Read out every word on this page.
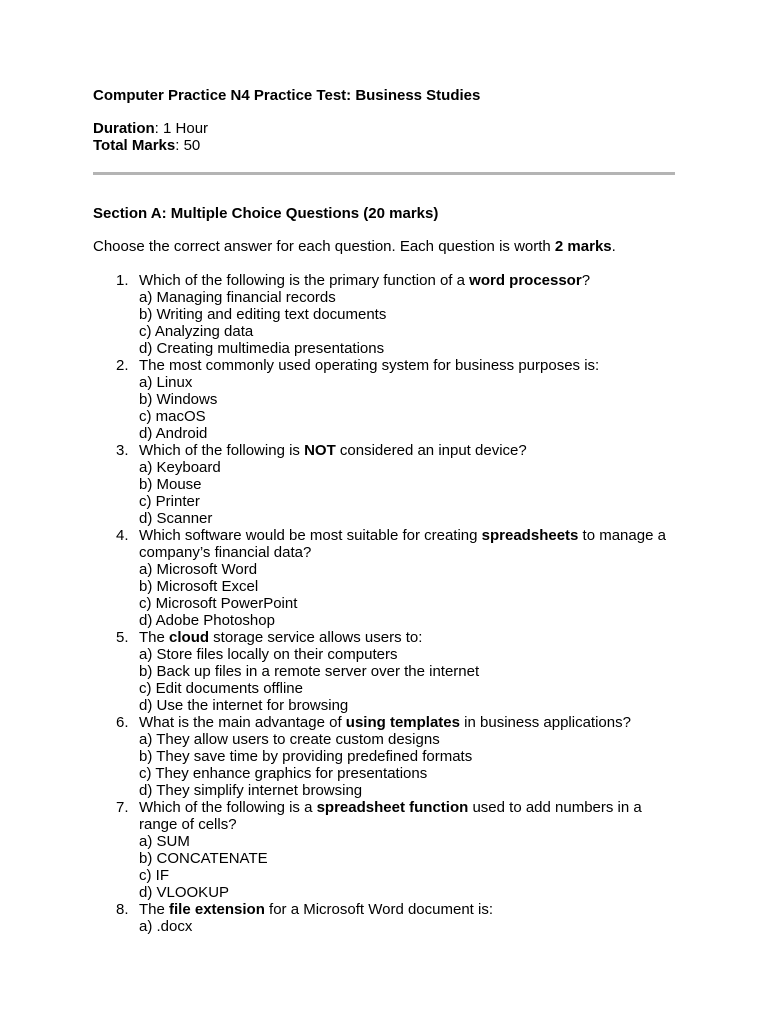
Computer Practice N4 Practice Test: Business Studies
Duration: 1 Hour
Total Marks: 50
Section A: Multiple Choice Questions (20 marks)
Choose the correct answer for each question. Each question is worth 2 marks.
1. Which of the following is the primary function of a word processor?
a) Managing financial records
b) Writing and editing text documents
c) Analyzing data
d) Creating multimedia presentations
2. The most commonly used operating system for business purposes is:
a) Linux
b) Windows
c) macOS
d) Android
3. Which of the following is NOT considered an input device?
a) Keyboard
b) Mouse
c) Printer
d) Scanner
4. Which software would be most suitable for creating spreadsheets to manage a company’s financial data?
a) Microsoft Word
b) Microsoft Excel
c) Microsoft PowerPoint
d) Adobe Photoshop
5. The cloud storage service allows users to:
a) Store files locally on their computers
b) Back up files in a remote server over the internet
c) Edit documents offline
d) Use the internet for browsing
6. What is the main advantage of using templates in business applications?
a) They allow users to create custom designs
b) They save time by providing predefined formats
c) They enhance graphics for presentations
d) They simplify internet browsing
7. Which of the following is a spreadsheet function used to add numbers in a range of cells?
a) SUM
b) CONCATENATE
c) IF
d) VLOOKUP
8. The file extension for a Microsoft Word document is:
a) .docx
